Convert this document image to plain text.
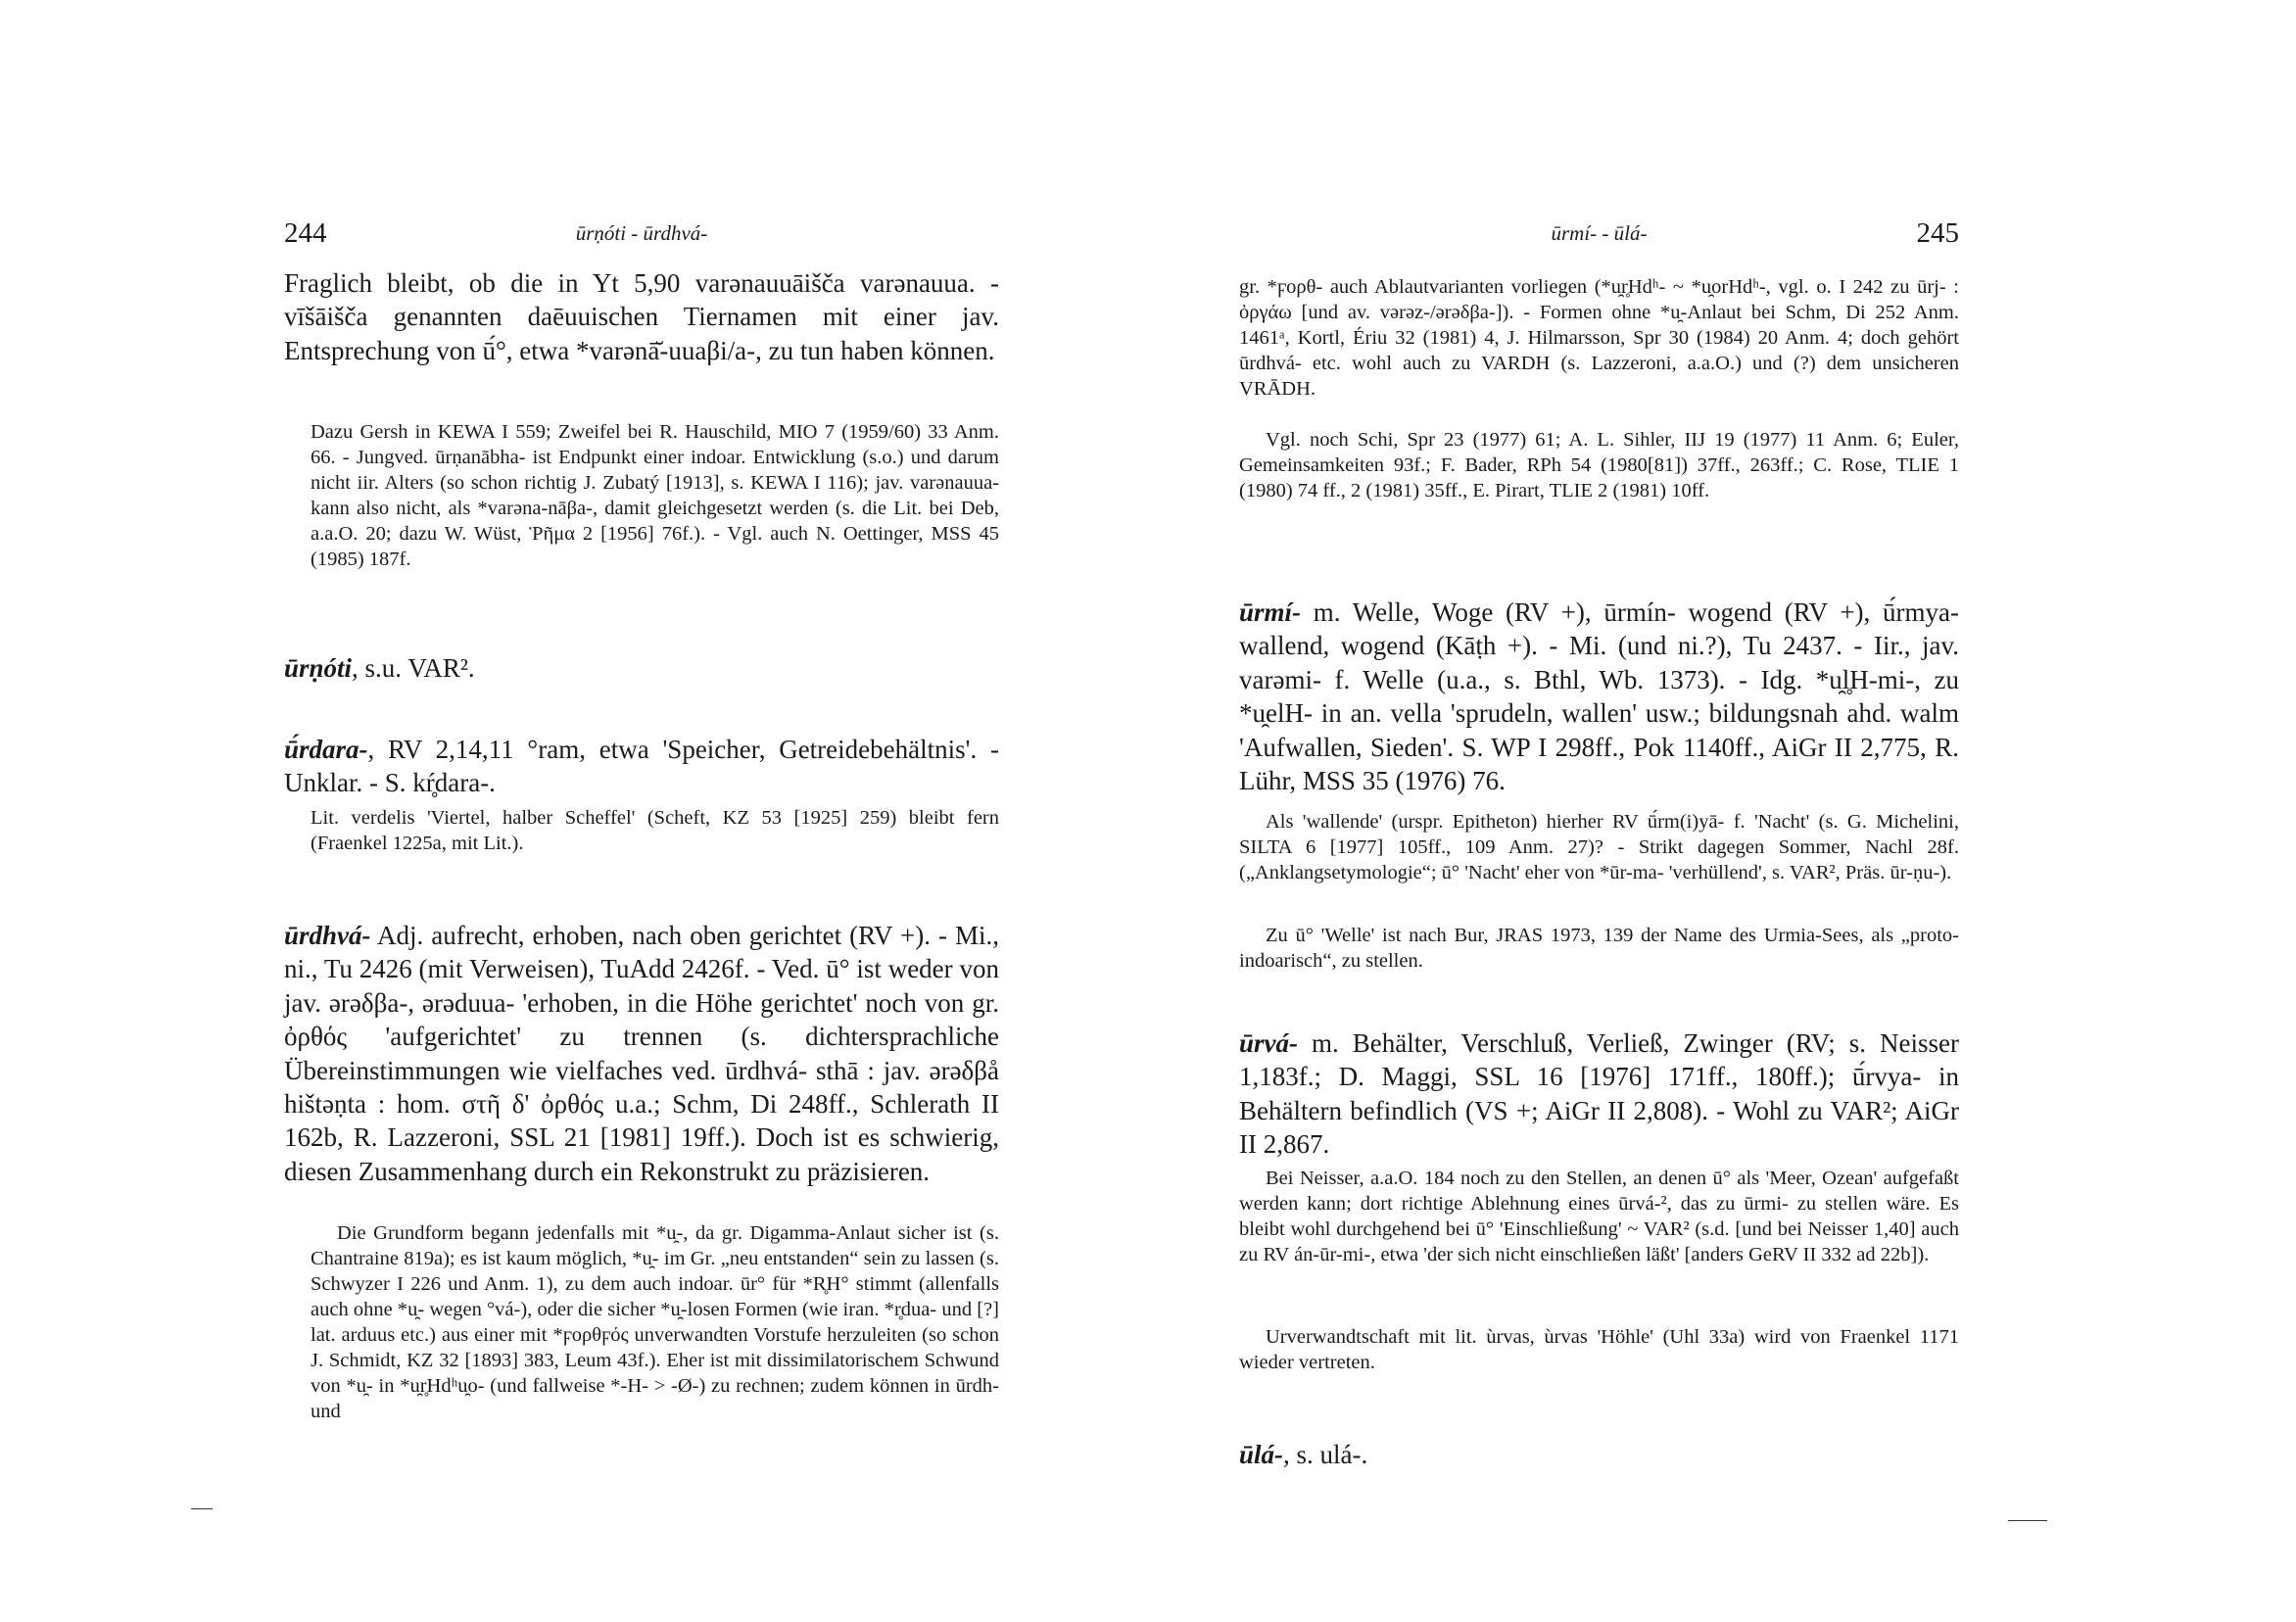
244	ūrṇóti - ūrdhvá-

Fraglich bleibt, ob die in Yt 5,90 varənauuāišča varənauua. - vīšāišča genannten daēuuischen Tiernamen mit einer jav. Entsprechung von ū́°, etwa *varənā̆-uuaβi/a-, zu tun haben können.

Dazu Gersh in KEWA I 559; Zweifel bei R. Hauschild, MIO 7 (1959/60) 33 Anm. 66. - Jungved. ūrṇanābha- ist Endpunkt einer indoar. Entwicklung (s.o.) und darum nicht iir. Alters (so schon richtig J. Zubatý [1913], s. KEWA I 116); jav. varənauua- kann also nicht, als *varəna-nāβa-, damit gleichgesetzt werden (s. die Lit. bei Deb, a.a.O. 20; dazu W. Wüst, Ῥῆμα 2 [1956] 76f.). - Vgl. auch N. Oettinger, MSS 45 (1985) 187f.

ūrṇóti, s.u. VAR².

ū́rdara-, RV 2,14,11 °ram, etwa 'Speicher, Getreidebehältnis'. - Unklar. - S. kŕ̥dara-.

Lit. verdelis 'Viertel, halber Scheffel' (Scheft, KZ 53 [1925] 259) bleibt fern (Fraenkel 1225a, mit Lit.).

ūrdhvá- Adj. aufrecht, erhoben, nach oben gerichtet (RV +). - Mi., ni., Tu 2426 (mit Verweisen), TuAdd 2426f. - Ved. ū° ist weder von jav. ərəδβa-, ərəduua- 'erhoben, in die Höhe gerichtet' noch von gr. ὀρθός 'aufgerichtet' zu trennen (s. dichtersprachliche Übereinstimmungen wie vielfaches ved. ūrdhvá- sthā : jav. ərəδβå hištəṇta : hom. στῆ δ' ὀρθός u.a.; Schm, Di 248ff., Schlerath II 162b, R. Lazzeroni, SSL 21 [1981] 19ff.). Doch ist es schwierig, diesen Zusammenhang durch ein Rekonstrukt zu präzisieren.

Die Grundform begann jedenfalls mit *u̯-, da gr. Digamma-Anlaut sicher ist (s. Chantraine 819a); es ist kaum möglich, *u̯- im Gr. „neu entstanden“ sein zu lassen (s. Schwyzer I 226 und Anm. 1), zu dem auch indoar. ūr° für *R̥H° stimmt (allenfalls auch ohne *u̯- wegen °vá-), oder die sicher *u̯-losen Formen (wie iran. *r̥dua- und [?] lat. arduus etc.) aus einer mit *ϝορθϝός unverwandten Vorstufe herzuleiten (so schon J. Schmidt, KZ 32 [1893] 383, Leum 43f.). Eher ist mit dissimilatorischem Schwund von *u̯- in *u̯r̥Hdʰu̯o- (und fallweise *-H- > -Ø-) zu rechnen; zudem können in ūrdh- und

ūrmí- - ūlá-	245

gr. *ϝορθ- auch Ablautvarianten vorliegen (*u̯r̥Hdʰ- ~ *u̯orHdʰ-, vgl. o. I 242 zu ūrj- : ὀργάω [und av. vərəz-/ərəδβa-]). - Formen ohne *u̯-Anlaut bei Schm, Di 252 Anm. 1461ᵃ, Kortl, Ériu 32 (1981) 4, J. Hilmarsson, Spr 30 (1984) 20 Anm. 4; doch gehört ūrdhvá- etc. wohl auch zu VARDH (s. Lazzeroni, a.a.O.) und (?) dem unsicheren VRĀDH.

Vgl. noch Schi, Spr 23 (1977) 61; A. L. Sihler, IIJ 19 (1977) 11 Anm. 6; Euler, Gemeinsamkeiten 93f.; F. Bader, RPh 54 (1980[81]) 37ff., 263ff.; C. Rose, TLIE 1 (1980) 74 ff., 2 (1981) 35ff., E. Pirart, TLIE 2 (1981) 10ff.

ūrmí- m. Welle, Woge (RV +), ūrmín- wogend (RV +), ū́rmya- wallend, wogend (Kāṭh +). - Mi. (und ni.?), Tu 2437. - Iir., jav. varəmi- f. Welle (u.a., s. Bthl, Wb. 1373). - Idg. *u̯l̥H-mi-, zu *u̯elH- in an. vella 'sprudeln, wallen' usw.; bildungsnah ahd. walm 'Aufwallen, Sieden'. S. WP I 298ff., Pok 1140ff., AiGr II 2,775, R. Lühr, MSS 35 (1976) 76.

Als 'wallende' (urspr. Epitheton) hierher RV ū́rm(i)yā- f. 'Nacht' (s. G. Michelini, SILTA 6 [1977] 105ff., 109 Anm. 27)? - Strikt dagegen Sommer, Nachl 28f. („Anklangsetymologie“; ū° 'Nacht' eher von *ūr-ma- 'verhüllend', s. VAR², Präs. ūr-ṇu-).

Zu ū° 'Welle' ist nach Bur, JRAS 1973, 139 der Name des Urmia-Sees, als „proto-indoarisch“, zu stellen.

ūrvá- m. Behälter, Verschluß, Verließ, Zwinger (RV; s. Neisser 1,183f.; D. Maggi, SSL 16 [1976] 171ff., 180ff.); ū́rvya- in Behältern befindlich (VS +; AiGr II 2,808). - Wohl zu VAR²; AiGr II 2,867.

Bei Neisser, a.a.O. 184 noch zu den Stellen, an denen ū° als 'Meer, Ozean' aufgefaßt werden kann; dort richtige Ablehnung eines ūrvá-², das zu ūrmi- zu stellen wäre. Es bleibt wohl durchgehend bei ū° 'Einschließung' ~ VAR² (s.d. [und bei Neisser 1,40] auch zu RV án-ūr-mi-, etwa 'der sich nicht einschließen läßt' [anders GeRV II 332 ad 22b]).

Urverwandtschaft mit lit. ùrvas, ùrvas 'Höhle' (Uhl 33a) wird von Fraenkel 1171 wieder vertreten.

ūlá-, s. ulá-.
